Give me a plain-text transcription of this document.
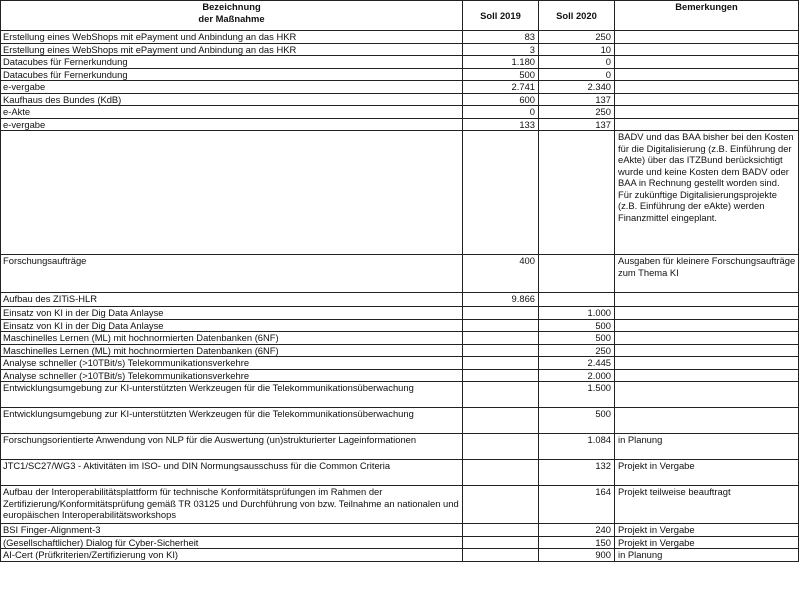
Bezeichnung
der Maßnahme	Soll 2019	Soll 2020	Bemerkungen
Erstellung eines WebShops mit ePayment und Anbindung an das HKR	83	250	
Erstellung eines WebShops mit ePayment und Anbindung an das HKR	3	10	
Datacubes für Fernerkundung	1.180	0	
Datacubes für Fernerkundung	500	0	
e-vergabe	2.741	2.340	
Kaufhaus des Bundes (KdB)	600	137	
e-Akte	0	250	
e-vergabe	133	137	
			BADV und das BAA bisher bei den Kosten für die Digitalisierung (z.B. Einführung der eAkte) über das ITZBund berücksichtigt wurde und keine Kosten dem BADV oder BAA in Rechnung gestellt worden sind. Für zukünftige Digitalisierungsprojekte (z.B. Einführung der eAkte) werden Finanzmittel eingeplant.
Forschungsaufträge	400		Ausgaben für kleinere Forschungsaufträge zum Thema KI
Aufbau des ZITiS-HLR	9.866		
Einsatz von KI in der Dig Data Anlayse		1.000	
Einsatz von KI in der Dig Data Anlayse		500	
Maschinelles Lernen (ML) mit hochnormierten Datenbanken (6NF)		500	
Maschinelles Lernen (ML) mit hochnormierten Datenbanken (6NF)		250	
Analyse schneller (>10TBit/s) Telekommunikationsverkehre		2.445	
Analyse schneller (>10TBit/s) Telekommunikationsverkehre		2.000	
Entwicklungsumgebung zur KI-unterstützten Werkzeugen für die Telekommunikationsüberwachung		1.500	
Entwicklungsumgebung zur KI-unterstützten Werkzeugen für die Telekommunikationsüberwachung		500	
Forschungsorientierte Anwendung von NLP für die Auswertung (un)strukturierter Lageinformationen		1.084	in Planung
JTC1/SC27/WG3 - Aktivitäten im ISO- und DIN Normungsausschuss für die Common Criteria		132	Projekt in Vergabe
Aufbau der Interoperabilitätsplattform für technische Konformitätsprüfungen im Rahmen der Zertifizierung/Konformitätsprüfung gemäß TR 03125 und Durchführung von bzw. Teilnahme an nationalen und europäischen Interoperabilitätsworkshops		164	Projekt teilweise beauftragt
BSI Finger-Alignment-3		240	Projekt in Vergabe
(Gesellschaftlicher) Dialog für Cyber-Sicherheit		150	Projekt in Vergabe
AI-Cert (Prüfkriterien/Zertifizierung von KI)		900	in Planung
